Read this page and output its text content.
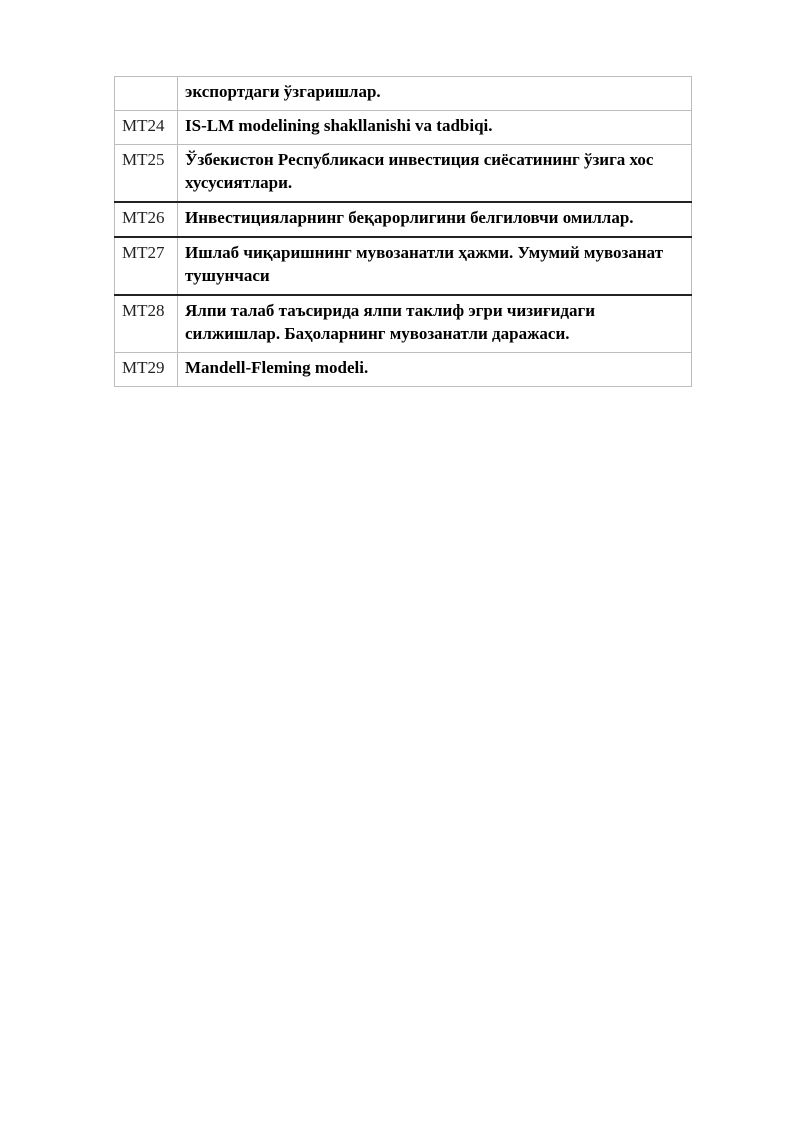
	экспортдаги ўзгаришлар.
MT24	IS-LM modelining shakllanishi va tadbiqi.
MT25	Ўзбекистон Республикаси инвестиция сиёсатининг ўзига хос хусусиятлари.
MT26	Инвестицияларнинг беқарорлигини белгиловчи омиллар.
MT27	Ишлаб чиқаришнинг мувозанатли ҳажми. Умумий мувозанат тушунчаси
MT28	Ялпи талаб таъсирида ялпи таклиф эгри чизиғидаги силжишлар. Баҳоларнинг мувозанатли даражаси.
MT29	Mandell-Fleming modeli.
